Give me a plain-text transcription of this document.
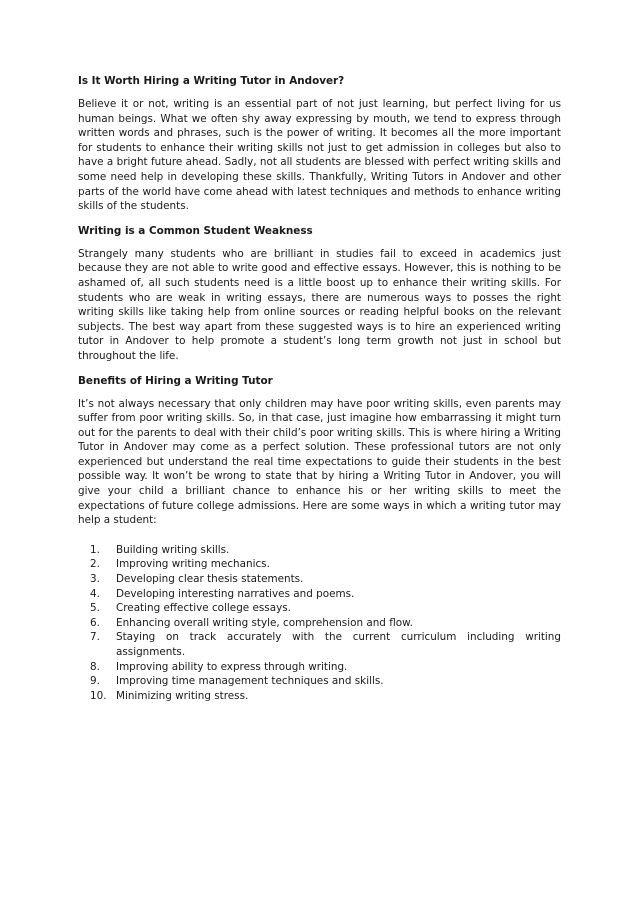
Is It Worth Hiring a Writing Tutor in Andover?

Believe it or not, writing is an essential part of not just learning, but perfect living for us human beings. What we often shy away expressing by mouth, we tend to express through written words and phrases, such is the power of writing. It becomes all the more important for students to enhance their writing skills not just to get admission in colleges but also to have a bright future ahead. Sadly, not all students are blessed with perfect writing skills and some need help in developing these skills. Thankfully, Writing Tutors in Andover and other parts of the world have come ahead with latest techniques and methods to enhance writing skills of the students.

Writing is a Common Student Weakness

Strangely many students who are brilliant in studies fail to exceed in academics just because they are not able to write good and effective essays. However, this is nothing to be ashamed of, all such students need is a little boost up to enhance their writing skills. For students who are weak in writing essays, there are numerous ways to posses the right writing skills like taking help from online sources or reading helpful books on the relevant subjects. The best way apart from these suggested ways is to hire an experienced writing tutor in Andover to help promote a student’s long term growth not just in school but throughout the life.

Benefits of Hiring a Writing Tutor

It’s not always necessary that only children may have poor writing skills, even parents may suffer from poor writing skills. So, in that case, just imagine how embarrassing it might turn out for the parents to deal with their child’s poor writing skills. This is where hiring a Writing Tutor in Andover may come as a perfect solution. These professional tutors are not only experienced but understand the real time expectations to guide their students in the best possible way. It won’t be wrong to state that by hiring a Writing Tutor in Andover, you will give your child a brilliant chance to enhance his or her writing skills to meet the expectations of future college admissions. Here are some ways in which a writing tutor may help a student:

1.	Building writing skills.
2.	Improving writing mechanics.
3.	Developing clear thesis statements.
4.	Developing interesting narratives and poems.
5.	Creating effective college essays.
6.	Enhancing overall writing style, comprehension and flow.
7.	Staying on track accurately with the current curriculum including writing assignments.
8.	Improving ability to express through writing.
9.	Improving time management techniques and skills.
10. Minimizing writing stress.
